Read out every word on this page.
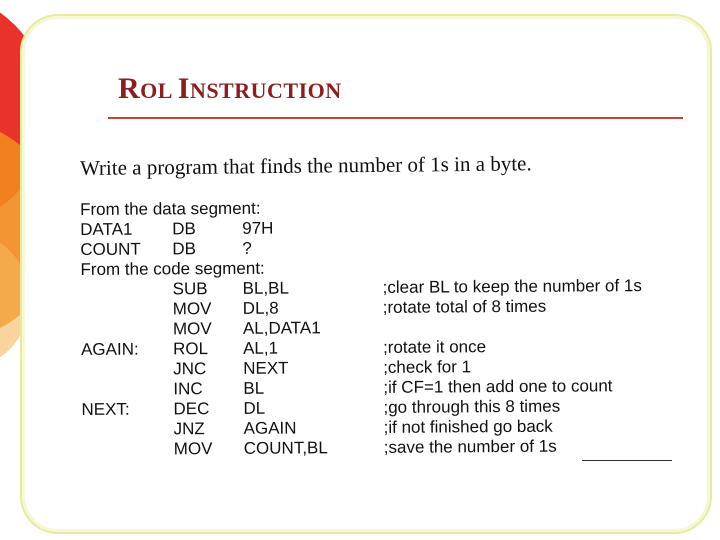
ROL INSTRUCTION
Write a program that finds the number of 1s in a byte.
From the data segment:
DATA1 DB	97H
COUNT DB	?
From the code segment:
SUB BL,BL	;clear BL to keep the number of 1s
MOV DL,8	;rotate total of 8 times
MOV AL,DATA1
AGAIN: ROL AL,1	;rotate it once
JNC NEXT	;check for 1
INC BL	;if CF=1 then add one to count
NEXT:	DEC DL	;go through this 8 times
JNZ AGAIN	;if not finished go back
MOV COUNT,BL	;save the number of 1s
